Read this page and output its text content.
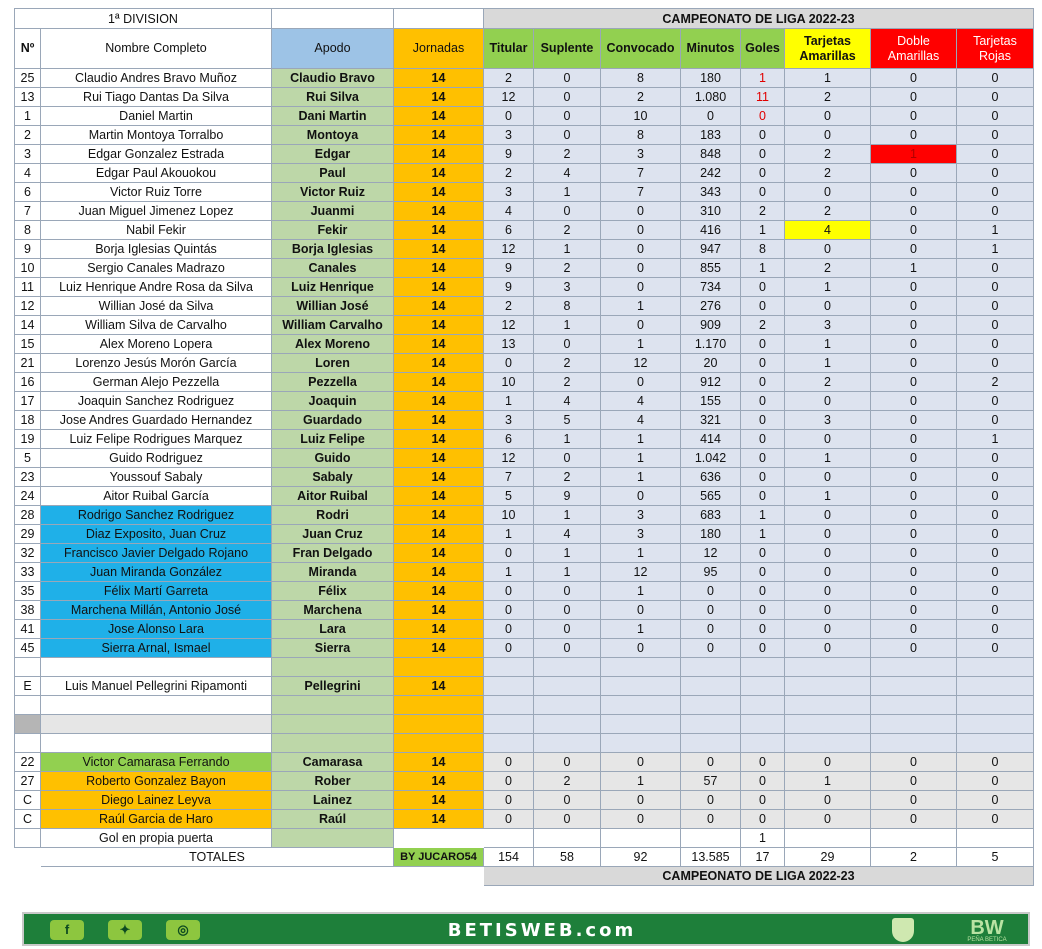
1ª DIVISION				CAMPEONATO DE LIGA 2022-23							
Nº	Nombre Completo	Apodo	Jornadas	Titular	Suplente	Convocado	Minutos	Goles	Tarjetas Amarillas	Doble Amarillas	Tarjetas Rojas
25	Claudio Andres Bravo Muñoz	Claudio Bravo	14	2	0	8	180	1	1	0	0
13	Rui Tiago Dantas Da Silva	Rui Silva	14	12	0	2	1.080	11	2	0	0
1	Daniel Martin	Dani Martin	14	0	0	10	0	0	0	0	0
2	Martin Montoya Torralbo	Montoya	14	3	0	8	183	0	0	0	0
3	Edgar Gonzalez Estrada	Edgar	14	9	2	3	848	0	2	1	0
4	Edgar Paul Akouokou	Paul	14	2	4	7	242	0	2	0	0
6	Victor Ruiz Torre	Victor Ruiz	14	3	1	7	343	0	0	0	0
7	Juan Miguel Jimenez Lopez	Juanmi	14	4	0	0	310	2	2	0	0
8	Nabil Fekir	Fekir	14	6	2	0	416	1	4	0	1
9	Borja Iglesias Quintás	Borja Iglesias	14	12	1	0	947	8	0	0	1
10	Sergio Canales Madrazo	Canales	14	9	2	0	855	1	2	1	0
11	Luiz Henrique Andre Rosa da Silva	Luiz Henrique	14	9	3	0	734	0	1	0	0
12	Willian José da Silva	Willian José	14	2	8	1	276	0	0	0	0
14	William Silva de Carvalho	William Carvalho	14	12	1	0	909	2	3	0	0
15	Alex Moreno Lopera	Alex Moreno	14	13	0	1	1.170	0	1	0	0
21	Lorenzo Jesús Morón García	Loren	14	0	2	12	20	0	1	0	0
16	German Alejo Pezzella	Pezzella	14	10	2	0	912	0	2	0	2
17	Joaquin Sanchez Rodriguez	Joaquin	14	1	4	4	155	0	0	0	0
18	Jose Andres Guardado Hernandez	Guardado	14	3	5	4	321	0	3	0	0
19	Luiz Felipe Rodrigues Marquez	Luiz Felipe	14	6	1	1	414	0	0	0	1
5	Guido Rodriguez	Guido	14	12	0	1	1.042	0	1	0	0
23	Youssouf Sabaly	Sabaly	14	7	2	1	636	0	0	0	0
24	Aitor Ruibal García	Aitor Ruibal	14	5	9	0	565	0	1	0	0
28	Rodrigo Sanchez Rodriguez	Rodri	14	10	1	3	683	1	0	0	0
29	Diaz Exposito, Juan Cruz	Juan Cruz	14	1	4	3	180	1	0	0	0
32	Francisco Javier Delgado Rojano	Fran Delgado	14	0	1	1	12	0	0	0	0
33	Juan Miranda González	Miranda	14	1	1	12	95	0	0	0	0
35	Félix Martí Garreta	Félix	14	0	0	1	0	0	0	0	0
38	Marchena Millán, Antonio José	Marchena	14	0	0	0	0	0	0	0	0
41	Jose Alonso Lara	Lara	14	0	0	1	0	0	0	0	0
45	Sierra Arnal, Ismael	Sierra	14	0	0	0	0	0	0	0	0

E	Luis Manuel Pellegrini Ripamonti	Pellegrini	14								

22	Victor Camarasa Ferrando	Camarasa	14	0	0	0	0	0	0	0	0
27	Roberto Gonzalez Bayon	Rober	14	0	2	1	57	0	1	0	0
C	Diego Lainez Leyva	Lainez	14	0	0	0	0	0	0	0	0
C	Raúl Garcia de Haro	Raúl	14	0	0	0	0	0	0	0	0
	Gol en propia puerta							1			
	TOTALES		BY JUCARO54	154	58	92	13.585	17	29	2	5
				CAMPEONATO DE LIGA 2022-23							
f	✦	◎	BETISWEB.com	BW
PEÑA BETICA
